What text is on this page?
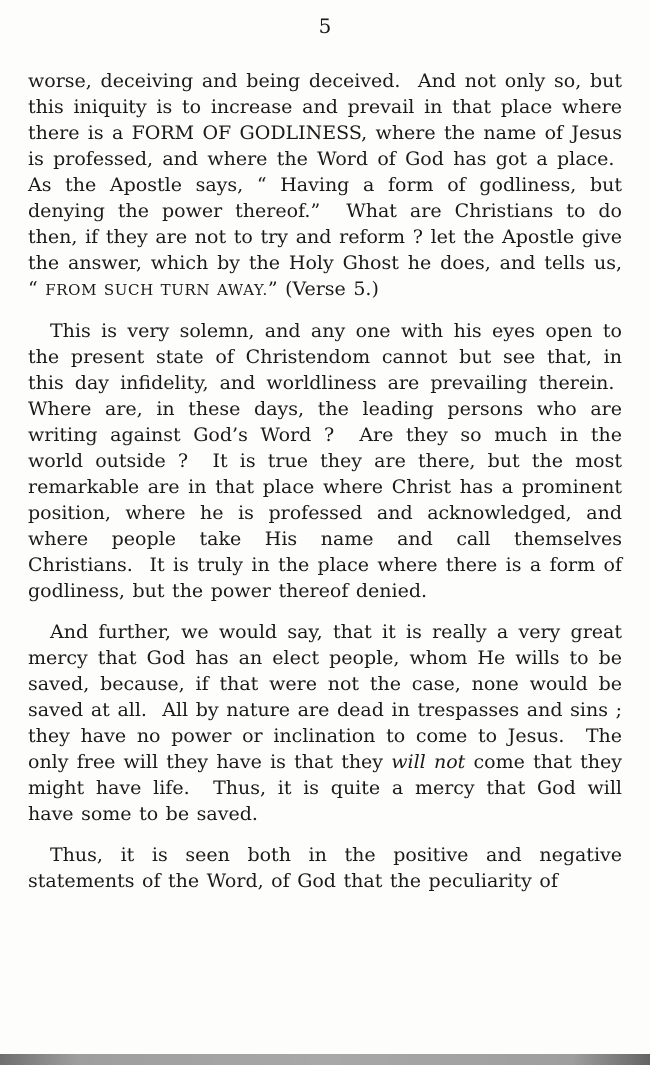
5

worse, deceiving and being deceived.  And not only so, but this iniquity is to increase and prevail in that place where there is a FORM OF GODLINESS, where the name of Jesus is professed, and where the Word of God has got a place.  As the Apostle says, “ Having a form of godliness, but denying the power thereof.”  What are Christians to do then, if they are not to try and reform ? let the Apostle give the answer, which by the Holy Ghost he does, and tells us, “ FROM SUCH TURN AWAY.” (Verse 5.)

This is very solemn, and any one with his eyes open to the present state of Christendom cannot but see that, in this day infidelity, and worldliness are prevailing therein.  Where are, in these days, the leading persons who are writing against God’s Word ?  Are they so much in the world outside ?  It is true they are there, but the most remarkable are in that place where Christ has a prominent position, where he is professed and acknowledged, and where people take His name and call themselves Christians.  It is truly in the place where there is a form of godliness, but the power thereof denied.

And further, we would say, that it is really a very great mercy that God has an elect people, whom He wills to be saved, because, if that were not the case, none would be saved at all.  All by nature are dead in trespasses and sins ; they have no power or inclination to come to Jesus.  The only free will they have is that they will not come that they might have life.  Thus, it is quite a mercy that God will have some to be saved.

Thus, it is seen both in the positive and negative statements of the Word, of God that the peculiarity of
